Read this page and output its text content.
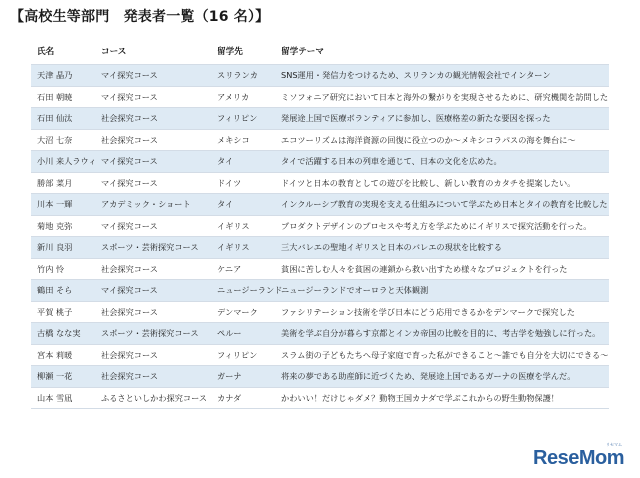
【高校生等部門　発表者一覧（16 名）】
氏名	コース	留学先	留学テーマ
天津 晶乃	マイ探究コース	スリランカ	SNS運用・発信力をつけるため、スリランカの観光情報会社でインターン
石田 朝暁	マイ探究コース	アメリカ	ミソフォニア研究において日本と海外の繋がりを実現させるために、研究機関を訪問した
石田 仙汰	社会探究コース	フィリピン	発展途上国で医療ボランティアに参加し、医療格差の新たな要因を探った
大沼 七奈	社会探究コース	メキシコ	エコツーリズムは海洋資源の回復に役立つのか～メキシコラパスの海を舞台に～
小川 来人ラウィ	マイ探究コース	タイ	タイで活躍する日本の列車を通じて、日本の文化を広めた。
勝部 菜月	マイ探究コース	ドイツ	ドイツと日本の教育としての遊びを比較し、新しい教育のカタチを提案したい。
川本 一輝	アカデミック・ショート	タイ	インクルーシブ教育の実現を支える仕組みについて学ぶため日本とタイの教育を比較した
菊地 克弥	マイ探究コース	イギリス	プロダクトデザインのプロセスや考え方を学ぶためにイギリスで探究活動を行った。
新川 良羽	スポーツ・芸術探究コース	イギリス	三大バレエの聖地イギリスと日本のバレエの現状を比較する
竹内 怜	社会探究コース	ケニア	貧困に苦しむ人々を貧困の連鎖から救い出すため様々なプロジェクトを行った
鶴田 そら	マイ探究コース	ニュージーランド	ニュージーランドでオーロラと天体観測
平賀 桃子	社会探究コース	デンマーク	ファシリテーション技術を学び日本にどう応用できるかをデンマークで探究した
古橋 なな実	スポーツ・芸術探究コース	ペルー	美術を学ぶ自分が暮らす京都とインカ帝国の比較を目的に、考古学を勉強しに行った。
宮本 莉暖	社会探究コース	フィリピン	スラム街の子どもたちへ母子家庭で育った私ができること～誰でも自分を大切にできる～
柳瀬 一花	社会探究コース	ガーナ	将来の夢である助産師に近づくため、発展途上国であるガーナの医療を学んだ。
山本 雪凪	ふるさといしかわ探究コース	カナダ	かわいい！だけじゃダメ？動物王国カナダで学ぶこれからの野生動物保護！
リセマム
ReseMom
